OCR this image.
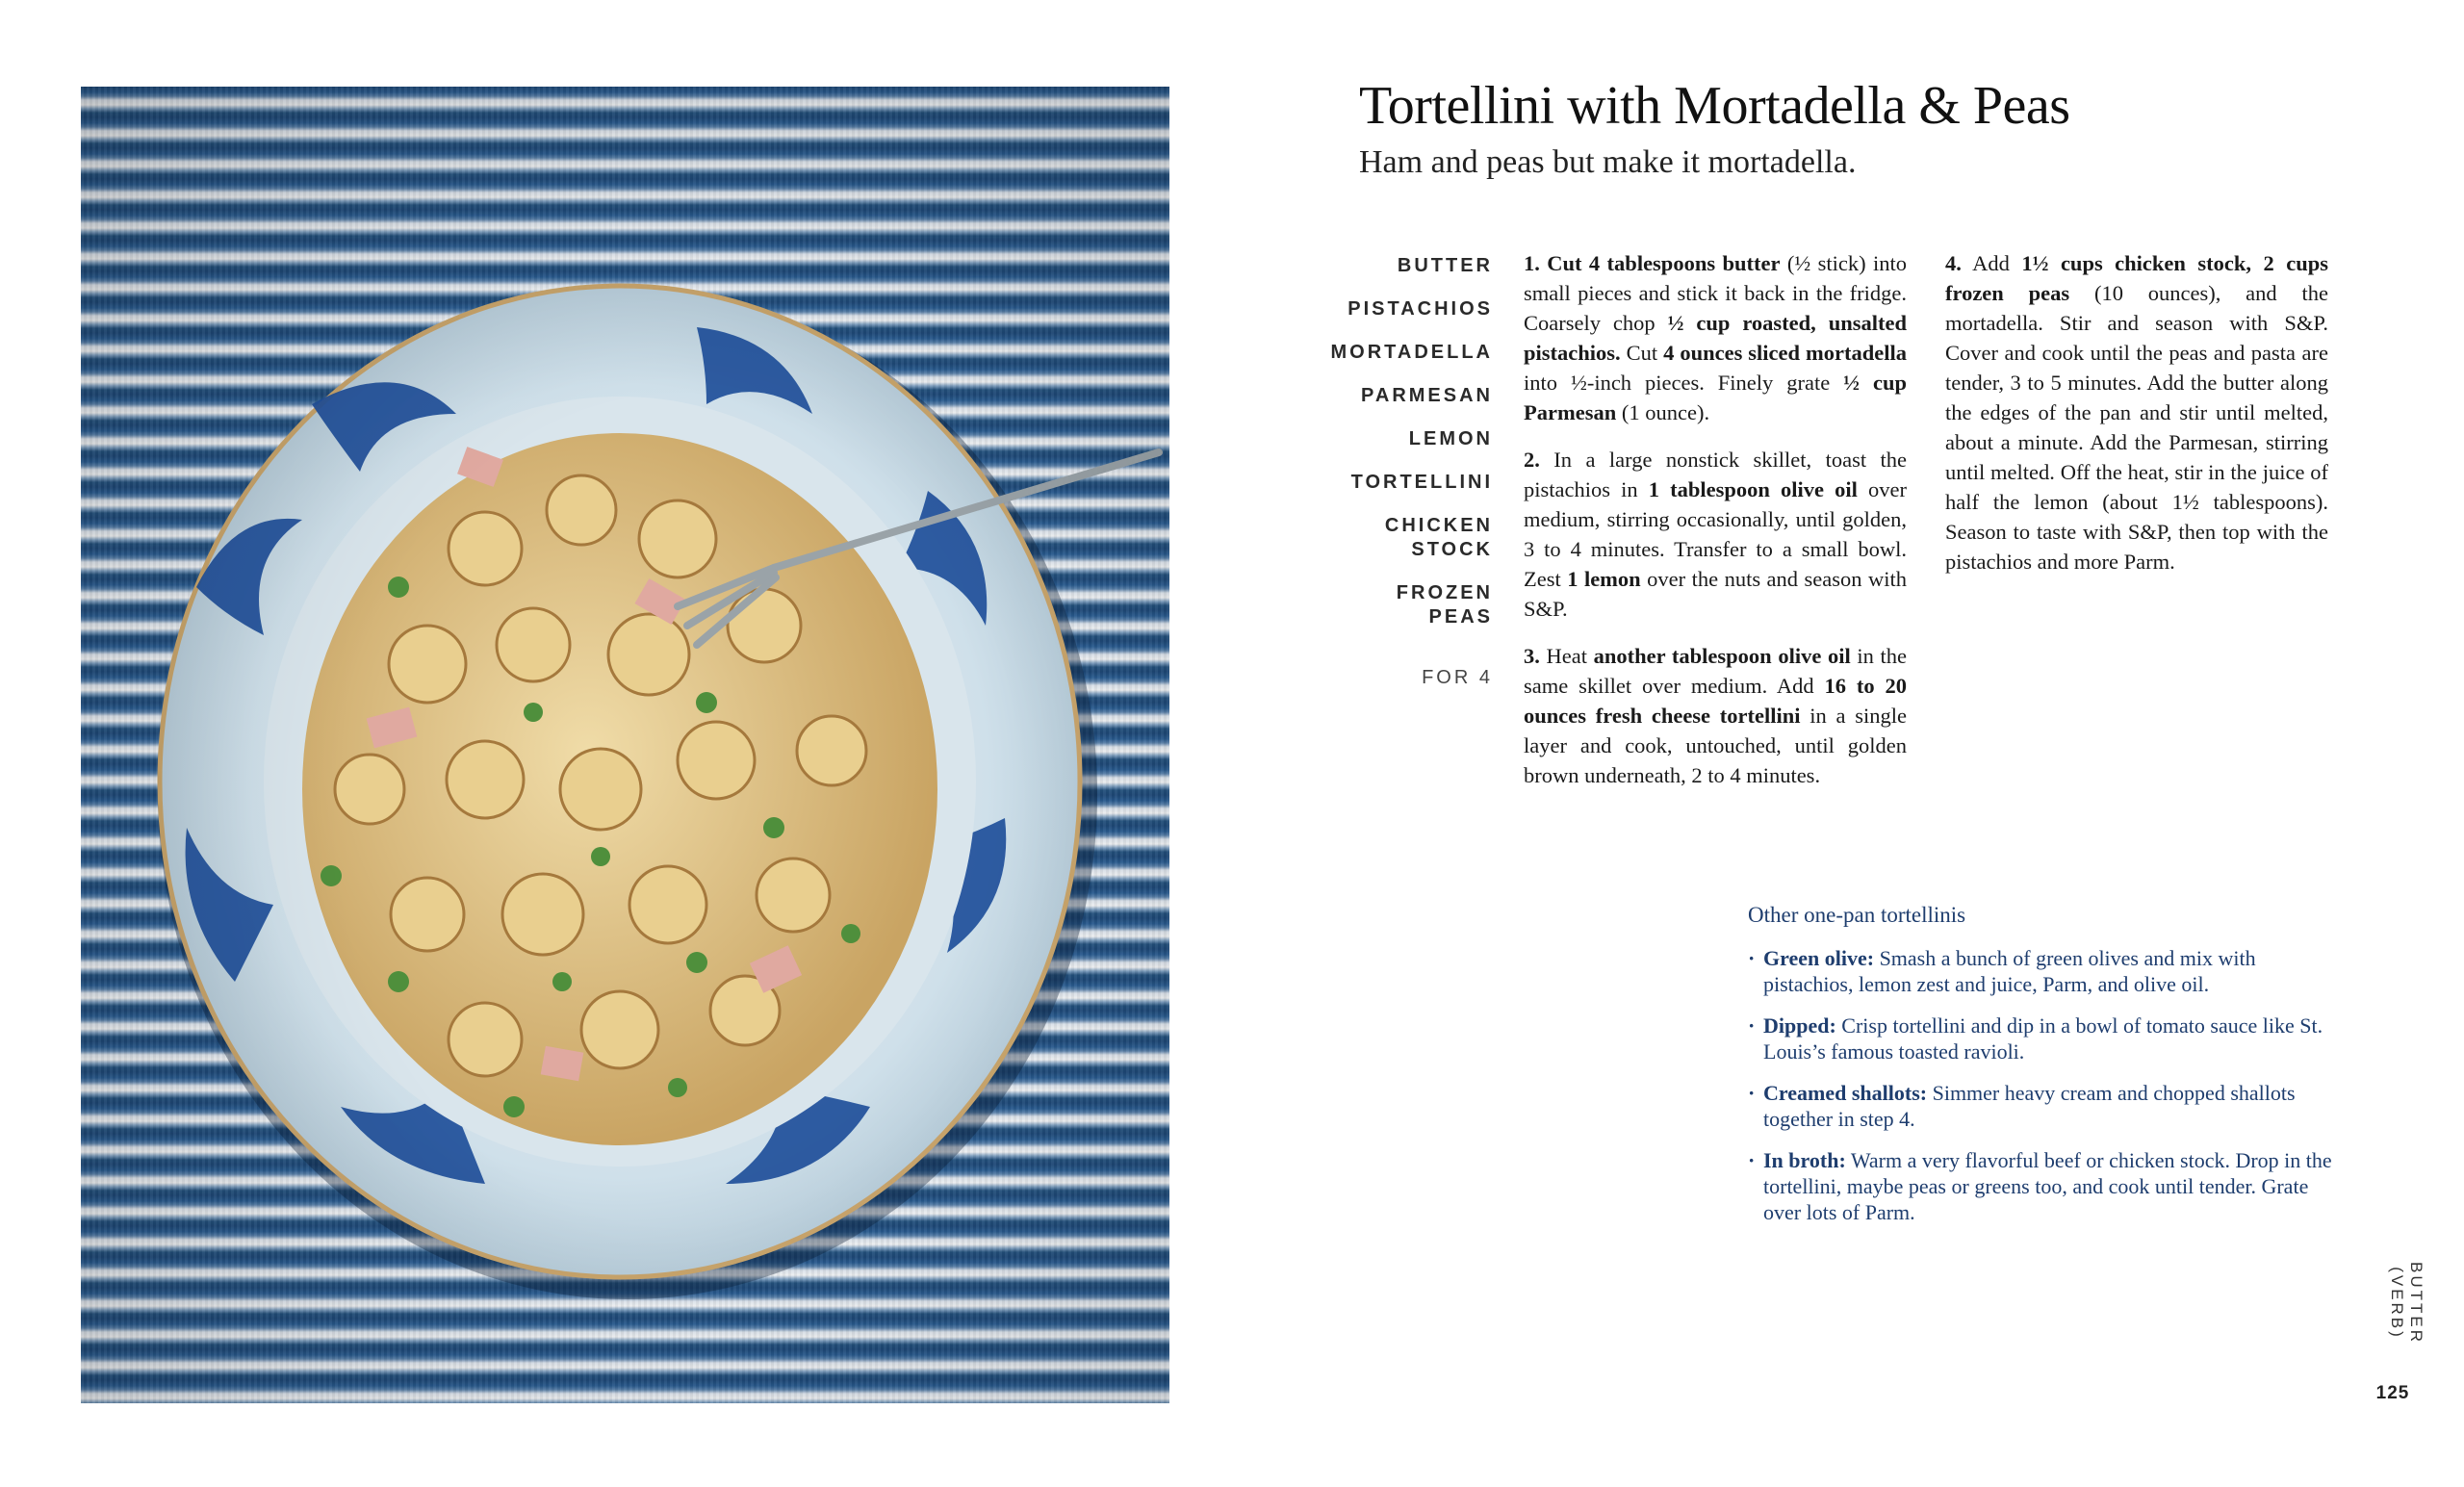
Tortellini with Mortadella & Peas

Ham and peas but make it mortadella.

BUTTER

PISTACHIOS

MORTADELLA

PARMESAN

LEMON

TORTELLINI

CHICKEN STOCK

FROZEN PEAS

FOR 4

1. Cut 4 tablespoons butter (½ stick) into small pieces and stick it back in the fridge. Coarsely chop ½ cup roasted, unsalted pistachios. Cut 4 ounces sliced mortadella into ½-inch pieces. Finely grate ½ cup Parmesan (1 ounce).

2. In a large nonstick skillet, toast the pistachios in 1 tablespoon olive oil over medium, stirring occasionally, until golden, 3 to 4 minutes. Transfer to a small bowl. Zest 1 lemon over the nuts and season with S&P.

3. Heat another tablespoon olive oil in the same skillet over medium. Add 16 to 20 ounces fresh cheese tortellini in a single layer and cook, untouched, until golden brown underneath, 2 to 4 minutes.

4. Add 1½ cups chicken stock, 2 cups frozen peas (10 ounces), and the mortadella. Stir and season with S&P. Cover and cook until the peas and pasta are tender, 3 to 5 minutes. Add the butter along the edges of the pan and stir until melted, about a minute. Add the Parmesan, stirring until melted. Off the heat, stir in the juice of half the lemon (about 1½ tablespoons). Season to taste with S&P, then top with the pistachios and more Parm.

Other one-pan tortellinis
· Green olive: Smash a bunch of green olives and mix with pistachios, lemon zest and juice, Parm, and olive oil.
· Dipped: Crisp tortellini and dip in a bowl of tomato sauce like St. Louis’s famous toasted ravioli.
· Creamed shallots: Simmer heavy cream and chopped shallots together in step 4.
· In broth: Warm a very flavorful beef or chicken stock. Drop in the tortellini, maybe peas or greens too, and cook until tender. Grate over lots of Parm.
BUTTER (VERB)
125
